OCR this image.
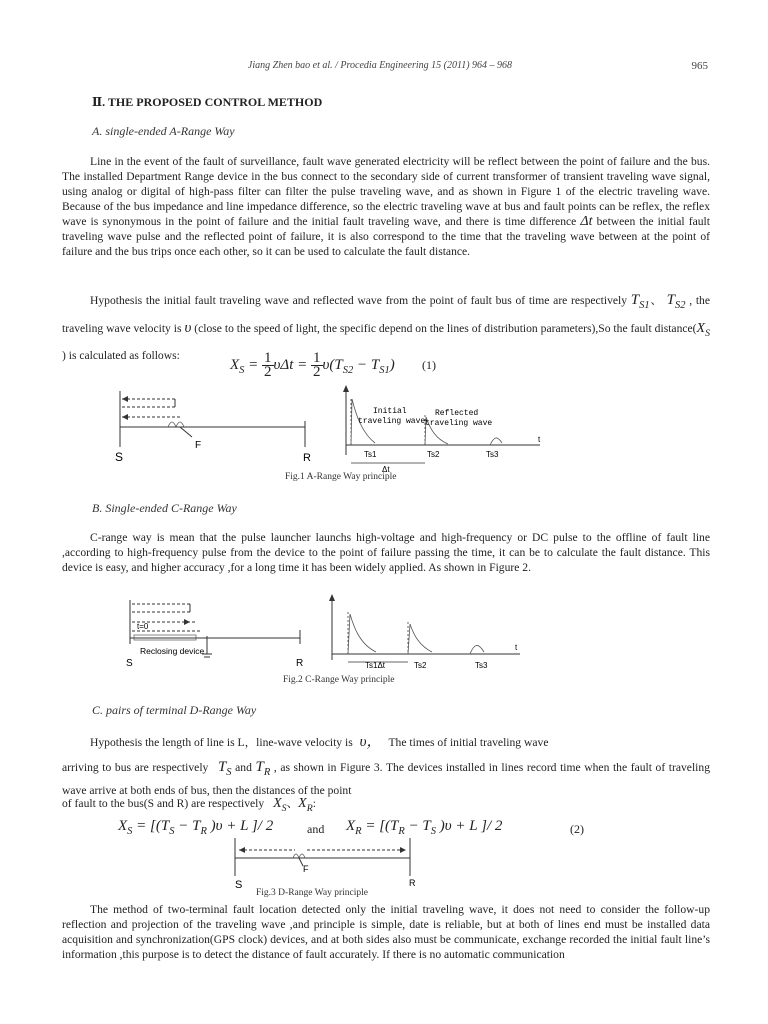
Jiang Zhen bao et al. / Procedia Engineering 15 (2011) 964 – 968	965
Ⅱ. THE PROPOSED CONTROL METHOD
A. single-ended A-Range Way
Line in the event of the fault of surveillance, fault wave generated electricity will be reflect between the point of failure and the bus. The installed Department Range device in the bus connect to the secondary side of current transformer of transient traveling wave signal, using analog or digital of high-pass filter can filter the pulse traveling wave, and as shown in Figure 1 of the electric traveling wave. Because of the bus impedance and line impedance difference, so the electric traveling wave at bus and fault points can be reflex, the reflex wave is synonymous in the point of failure and the initial fault traveling wave, and there is time difference Δt between the initial fault traveling wave pulse and the reflected point of failure, it is also correspond to the time that the traveling wave between at the point of failure and the bus trips once each other, so it can be used to calculate the fault distance.
Hypothesis the initial fault traveling wave and reflected wave from the point of fault bus of time are respectively $T_{S1}$、 $T_{S2}$ , the traveling wave velocity is υ (close to the speed of light, the specific depend on the lines of distribution parameters),So the fault $distance(X_S$ ) is calculated as follows:
$X_S = \frac{1}{2}$ $\upsilon\Delta t = \frac{1}{2} \upsilon(T_{S2} - T_{S1})$ (1)
S
F
R
Initial
traveling wave
Reflected
traveling wave
t
Ts1
Δt
Ts2	Ts3
Fig.1 A-Range Way principle
B. Single-ended C-Range Way
C-range way is mean that the pulse launcher launchs high-voltage and high-frequency or DC pulse to the offline of fault line ,according to high-frequency pulse from the device to the point of failure passing the time, it can be to calculate the fault distance. This device is easy, and higher accuracy ,for a long time it has been widely applied. As shown in Figure 2.
t=0
Reclosing device
S	R
t
Ts1Δt	Ts2	Ts3
Fig.2 C-Range Way principle
C. pairs of terminal D-Range Way
Hypothesis the length of line is L，line-wave velocity is υ， The times of initial traveling wave
arriving to bus are respectively $T_S$ and $T_R$ , as shown in Figure 3. The devices installed in lines record time when the fault of traveling wave arrive at both ends of bus, then the distances of the point
of fault to the bus(S and R) are respectively $X_S$、$X_R$:
$X_S = [(T_S - T_R$ )υ + L ]/ 2	and $X_R = [(T_R - T_S$ )υ + L ]/ 2	(2)
F
S	R
Fig.3 D-Range Way principle
The method of two-terminal fault location detected only the initial traveling wave, it does not need to consider the follow-up reflection and projection of the traveling wave ,and principle is simple, date is reliable, but at both of lines end must be installed data acquisition and synchronization(GPS clock) devices, and at both sides also must be communicate, exchange recorded the initial fault line’s information ,this purpose is to detect the distance of fault accurately. If there is no automatic communication
